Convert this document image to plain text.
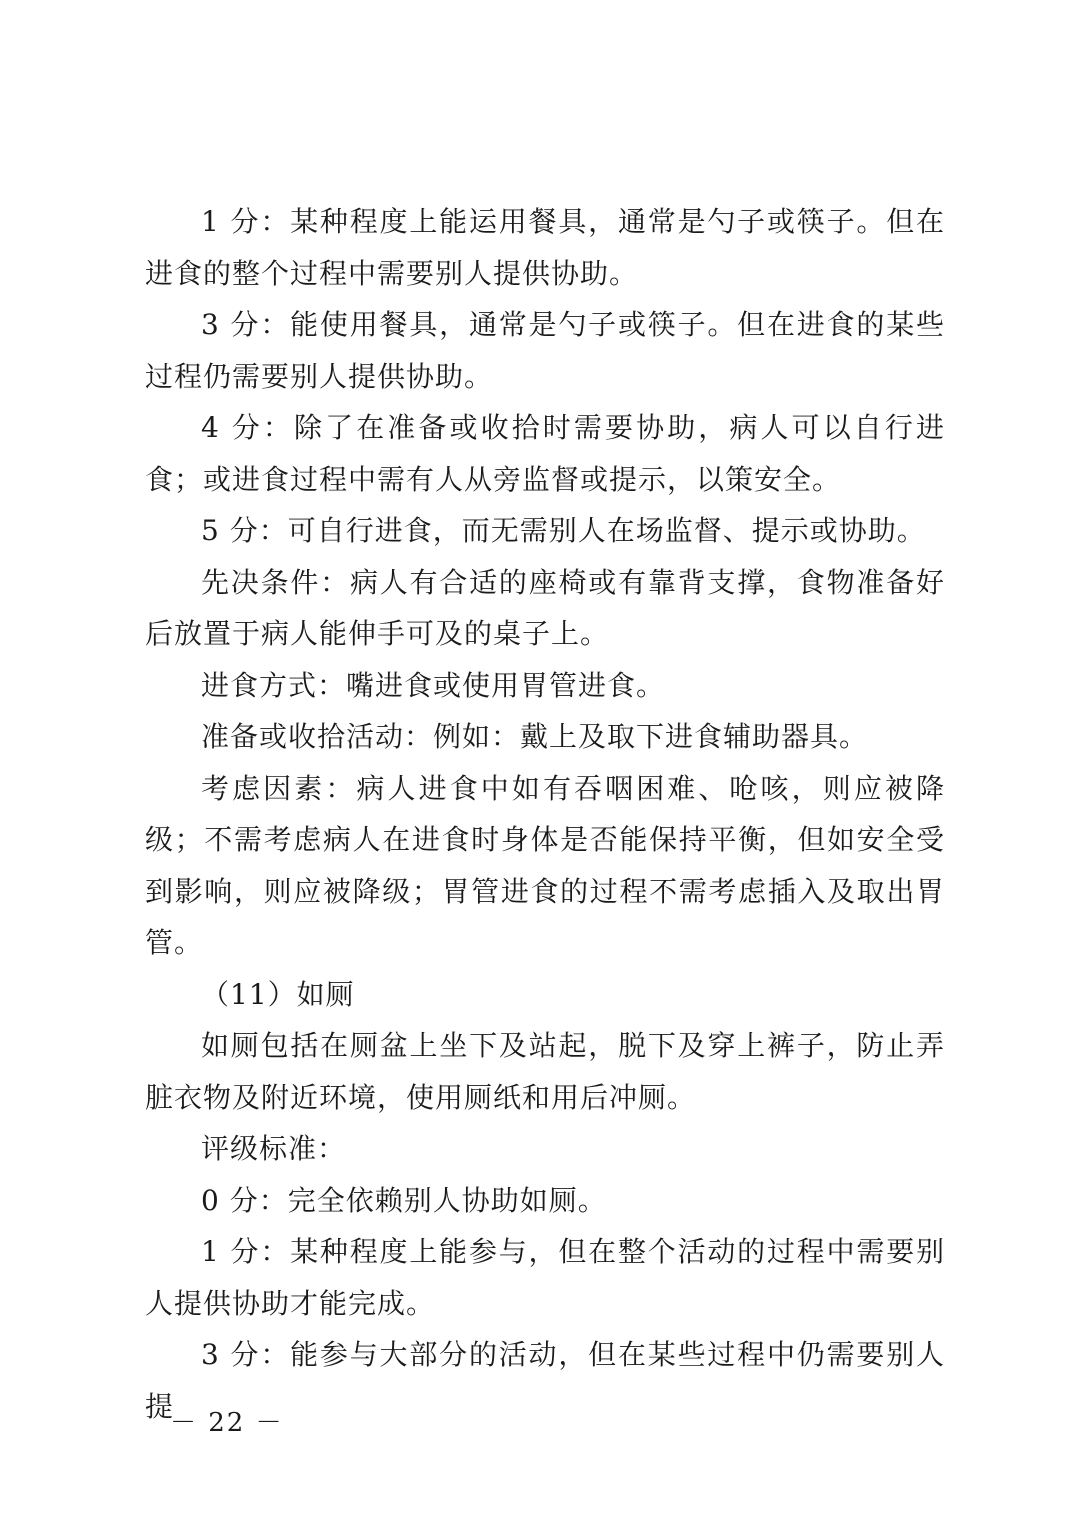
1 分：某种程度上能运用餐具，通常是勺子或筷子。但在进食的整个过程中需要别人提供协助。

3 分：能使用餐具，通常是勺子或筷子。但在进食的某些过程仍需要别人提供协助。

4 分：除了在准备或收拾时需要协助，病人可以自行进食；或进食过程中需有人从旁监督或提示，以策安全。

5 分：可自行进食，而无需别人在场监督、提示或协助。

先决条件：病人有合适的座椅或有靠背支撑，食物准备好后放置于病人能伸手可及的桌子上。

进食方式：嘴进食或使用胃管进食。

准备或收拾活动：例如：戴上及取下进食辅助器具。

考虑因素：病人进食中如有吞咽困难、呛咳，则应被降级；不需考虑病人在进食时身体是否能保持平衡，但如安全受到影响，则应被降级；胃管进食的过程不需考虑插入及取出胃管。

（11）如厕

如厕包括在厕盆上坐下及站起，脱下及穿上裤子，防止弄脏衣物及附近环境，使用厕纸和用后冲厕。

评级标准：

0 分：完全依赖别人协助如厕。

1 分：某种程度上能参与，但在整个活动的过程中需要别人提供协助才能完成。

3 分：能参与大部分的活动，但在某些过程中仍需要别人提

－ 22 －
